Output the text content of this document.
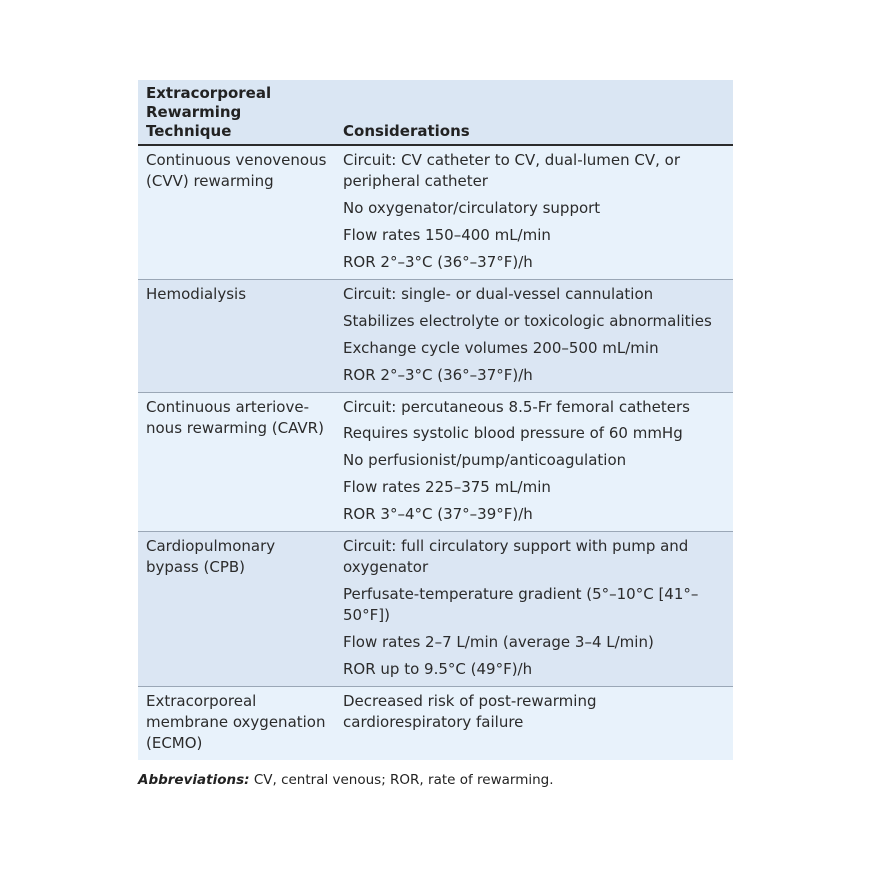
Extracorporeal Rewarming Technique	Considerations
Continuous venovenous (CVV) rewarming	Circuit: CV catheter to CV, dual-lumen CV, or peripheral catheter
	No oxygenator/circulatory support
	Flow rates 150–400 mL/min
	ROR 2°–3°C (36°–37°F)/h
Hemodialysis	Circuit: single- or dual-vessel cannulation
	Stabilizes electrolyte or toxicologic abnormalities
	Exchange cycle volumes 200–500 mL/min
	ROR 2°–3°C (36°–37°F)/h
Continuous arteriove-nous rewarming (CAVR)	Circuit: percutaneous 8.5-Fr femoral catheters
	Requires systolic blood pressure of 60 mmHg
	No perfusionist/pump/anticoagulation
	Flow rates 225–375 mL/min
	ROR 3°–4°C (37°–39°F)/h
Cardiopulmonary bypass (CPB)	Circuit: full circulatory support with pump and oxygenator
	Perfusate-temperature gradient (5°–10°C [41°–50°F])
	Flow rates 2–7 L/min (average 3–4 L/min)
	ROR up to 9.5°C (49°F)/h
Extracorporeal membrane oxygenation (ECMO)	Decreased risk of post-rewarming cardiorespiratory failure
Abbreviations: CV, central venous; ROR, rate of rewarming.
